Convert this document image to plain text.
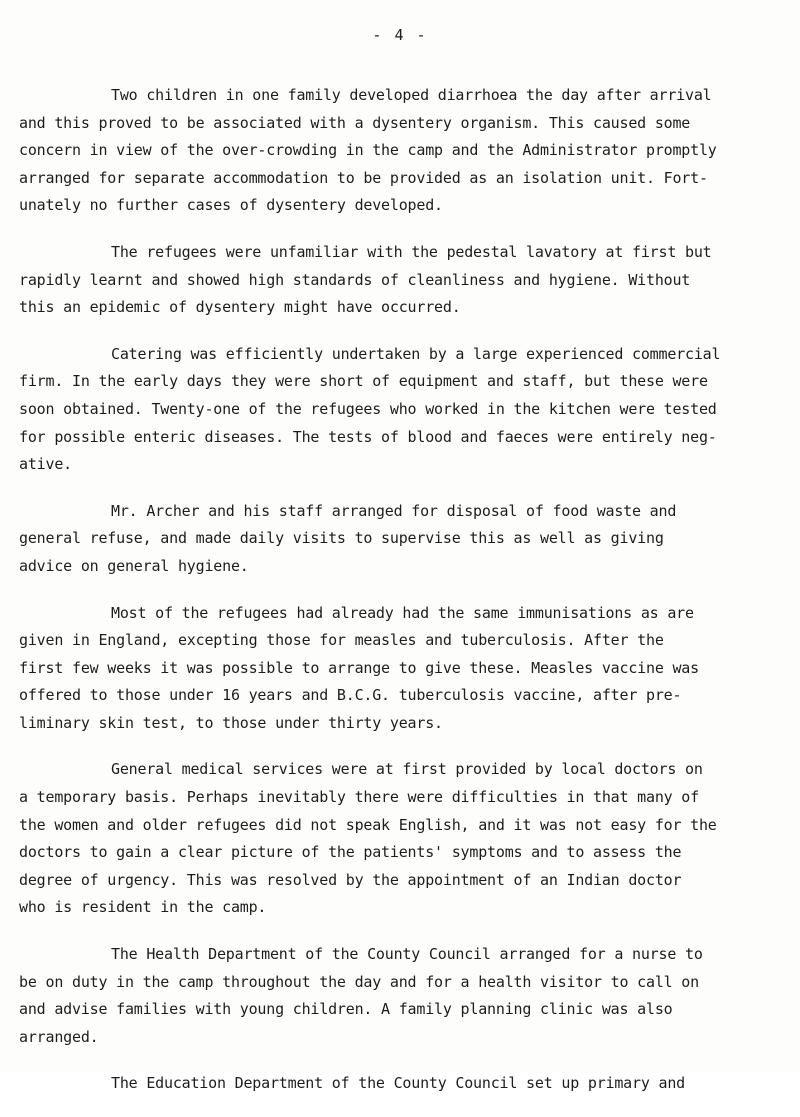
- 4 -

Two children in one family developed diarrhoea the day after arrival
and this proved to be associated with a dysentery organism. This caused some
concern in view of the over-crowding in the camp and the Administrator promptly
arranged for separate accommodation to be provided as an isolation unit. Fort-
unately no further cases of dysentery developed.

The refugees were unfamiliar with the pedestal lavatory at first but
rapidly learnt and showed high standards of cleanliness and hygiene. Without
this an epidemic of dysentery might have occurred.

Catering was efficiently undertaken by a large experienced commercial
firm. In the early days they were short of equipment and staff, but these were
soon obtained. Twenty-one of the refugees who worked in the kitchen were tested
for possible enteric diseases. The tests of blood and faeces were entirely neg-
ative.

Mr. Archer and his staff arranged for disposal of food waste and
general refuse, and made daily visits to supervise this as well as giving
advice on general hygiene.

Most of the refugees had already had the same immunisations as are
given in England, excepting those for measles and tuberculosis. After the
first few weeks it was possible to arrange to give these. Measles vaccine was
offered to those under 16 years and B.C.G. tuberculosis vaccine, after pre-
liminary skin test, to those under thirty years.

General medical services were at first provided by local doctors on
a temporary basis. Perhaps inevitably there were difficulties in that many of
the women and older refugees did not speak English, and it was not easy for the
doctors to gain a clear picture of the patients' symptoms and to assess the
degree of urgency. This was resolved by the appointment of an Indian doctor
who is resident in the camp.

The Health Department of the County Council arranged for a nurse to
be on duty in the camp throughout the day and for a health visitor to call on
and advise families with young children. A family planning clinic was also
arranged.

The Education Department of the County Council set up primary and
